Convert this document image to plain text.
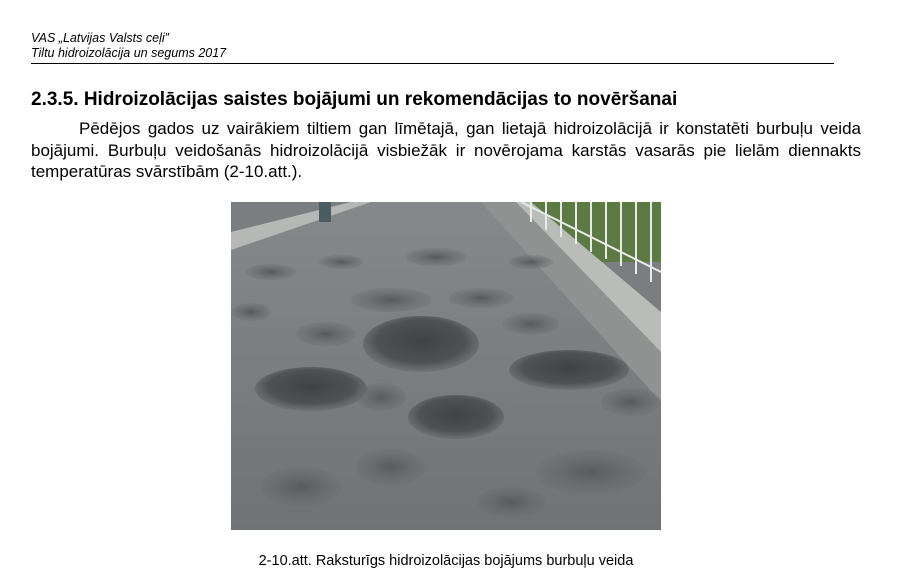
VAS „Latvijas Valsts ceļi”
Tiltu hidroizolācija un segums 2017
2.3.5. Hidroizolācijas saistes bojājumi un rekomendācijas to novēršanai

Pēdējos gados uz vairākiem tiltiem gan līmētajā, gan lietajā hidroizolācijā ir konstatēti burbuļu veida bojājumi. Burbuļu veidošanās hidroizolācijā visbiežāk ir novērojama karstās vasarās pie lielām diennakts temperatūras svārstībām (2-10.att.).

2-10.att. Raksturīgs hidroizolācijas bojājums burbuļu veida
